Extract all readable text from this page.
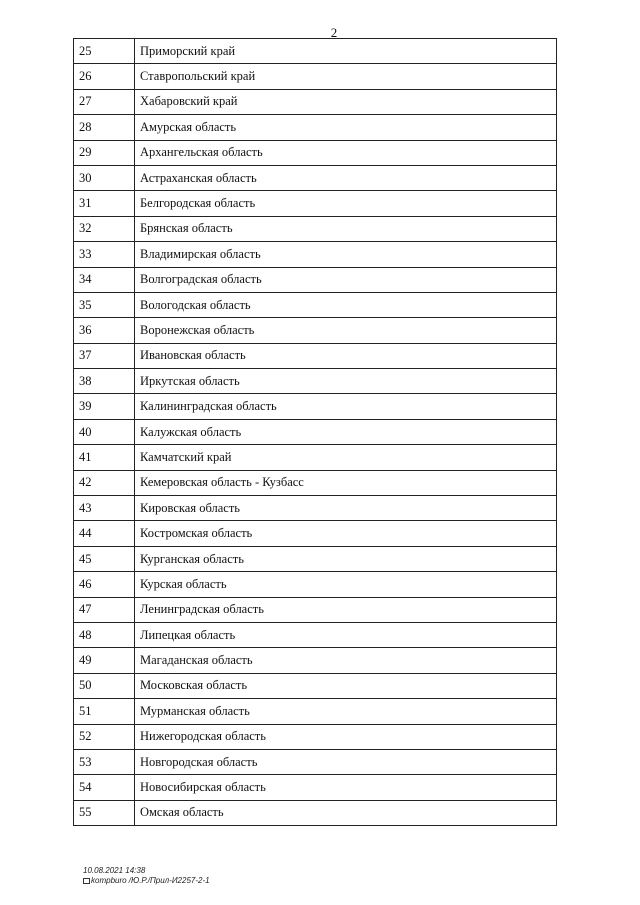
2
25	Приморский край
26	Ставропольский край
27	Хабаровский край
28	Амурская область
29	Архангельская область
30	Астраханская область
31	Белгородская область
32	Брянская область
33	Владимирская область
34	Волгоградская область
35	Вологодская область
36	Воронежская область
37	Ивановская область
38	Иркутская область
39	Калининградская область
40	Калужская область
41	Камчатский край
42	Кемеровская область - Кузбасс
43	Кировская область
44	Костромская область
45	Курганская область
46	Курская область
47	Ленинградская область
48	Липецкая область
49	Магаданская область
50	Московская область
51	Мурманская область
52	Нижегородская область
53	Новгородская область
54	Новосибирская область
55	Омская область
10.08.2021 14:38
kompburo /Ю.Р./Прил-И2257-2-1
